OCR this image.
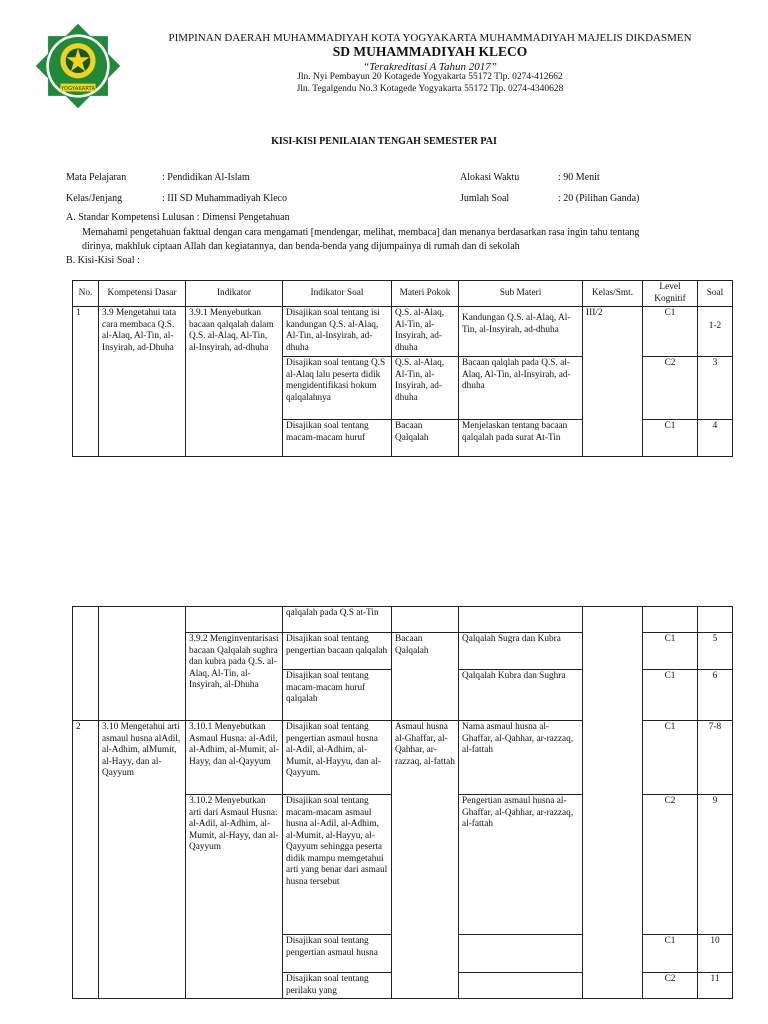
YOGYAKARTA
PIMPINAN DAERAH MUHAMMADIYAH KOTA YOGYAKARTA MUHAMMADIYAH MAJELIS DIKDASMEN
SD MUHAMMADIYAH KLECO
“Terakreditasi A Tahun 2017”
Jln. Nyi Pembayun 20 Kotagede Yogyakarta 55172 Tlp. 0274-412662
Jln. Tegalgendu No.3 Kotagede Yogyakarta 55172 Tlp. 0274-4340628
KISI-KISI PENILAIAN TENGAH SEMESTER PAI
Mata Pelajaran	: Pendidikan Al-Islam	Alokasi Waktu	: 90 Menit
Kelas/Jenjang	: III SD Muhammadiyah Kleco	Jumlah Soal	: 20 (Pilihan Ganda)
A. Standar Kompetensi Lulusan : Dimensi Pengetahuan
Memahami pengetahuan faktual dengan cara mengamati [mendengar, melihat, membaca] dan menanya berdasarkan rasa ingin tahu tentang
dirinya, makhluk ciptaan Allah dan kegiatannya, dan benda-benda yang dijumpainya di rumah dan di sekolah
B. Kisi-Kisi Soal :
No.	Kompetensi Dasar	Indikator	Indikator Soal	Materi Pokok	Sub Materi	Kelas/Smt.	Level Kognitif	Soal
1	3.9 Mengetahui tata cara membaca Q.S. al-Alaq, Al-Tin, al-Insyirah, ad-Dhuha	3.9.1 Menyebutkan bacaan qalqalah dalam Q.S. al-Alaq, Al-Tin, al-Insyirah, ad-dhuha	Disajikan soal tentang isi kandungan Q.S. al-Alaq, Al-Tin, al-Insyirah, ad-dhuha	Q.S. al-Alaq, Al-Tin, al-Insyirah, ad-dhuha	Kandungan Q.S. al-Alaq, Al-Tin, al-Insyirah, ad-dhuha	III/2	C1	1-2
			Disajikan soal tentang Q.S al-Alaq lalu peserta didik mengidentifikasi hokum qalqalahnya	Q.S. al-Alaq, Al-Tin, al-Insyirah, ad-dhuha	Bacaan qalqlah pada Q.S. al-Alaq, Al-Tin, al-Insyirah, ad-dhuha		C2	3
			Disajikan soal tentang macam-macam huruf	Bacaan Qalqalah	Menjelaskan tentang bacaan qalqalah pada surat At-Tin		C1	4
			qalqalah pada Q.S at-Tin					
		3.9.2 Menginventarisasi bacaan Qalqalah sughra dan kubra pada Q.S. al-Alaq, Al-Tin, al-Insyirah, al-Dhuha	Disajikan soal tentang pengertian bacaan qalqalah	Bacaan Qalqalah	Qalqalah Sugra dan Kubra		C1	5
			Disajikan soal tentang macam-macam huruf qalqalah		Qalqalah Kubra dan Sughra		C1	6
2	3.10 Mengetahui arti asmaul husna alAdil, al-Adhim, alMumit, al-Hayy, dan al-Qayyum	3.10.1 Menyebutkan Asmaul Husna: al-Adil, al-Adhim, al-Mumit, al-Hayy, dan al-Qayyum	Disajikan soal tentang pengertian asmaul husna al-Adil, al-Adhim, al-Mumit, al-Hayyu, dan al-Qayyum.	Asmaul husna al-Ghaffar, al-Qahhar, ar-razzaq, al-fattah	Nama asmaul husna al-Ghaffar, al-Qahhar, ar-razzaq, al-fattah		C1	7-8
		3.10.2 Menyebutkan arti dari Asmaul Husna: al-Adil, al-Adhim, al-Mumit, al-Hayy, dan al-Qayyum	Disajikan soal tentang macam-macam asmaul husna al-Adil, al-Adhim, al-Mumit, al-Hayyu, al-Qayyum sehingga peserta didik mampu memgetahui arti yang benar dari asmaul husna tersebut		Pengertian asmaul husna al-Ghaffar, al-Qahhar, ar-razzaq, al-fattah		C2	9
			Disajikan soal tentang pengertian asmaul husna				C1	10
			Disajikan soal tentang perilaku yang				C2	11
